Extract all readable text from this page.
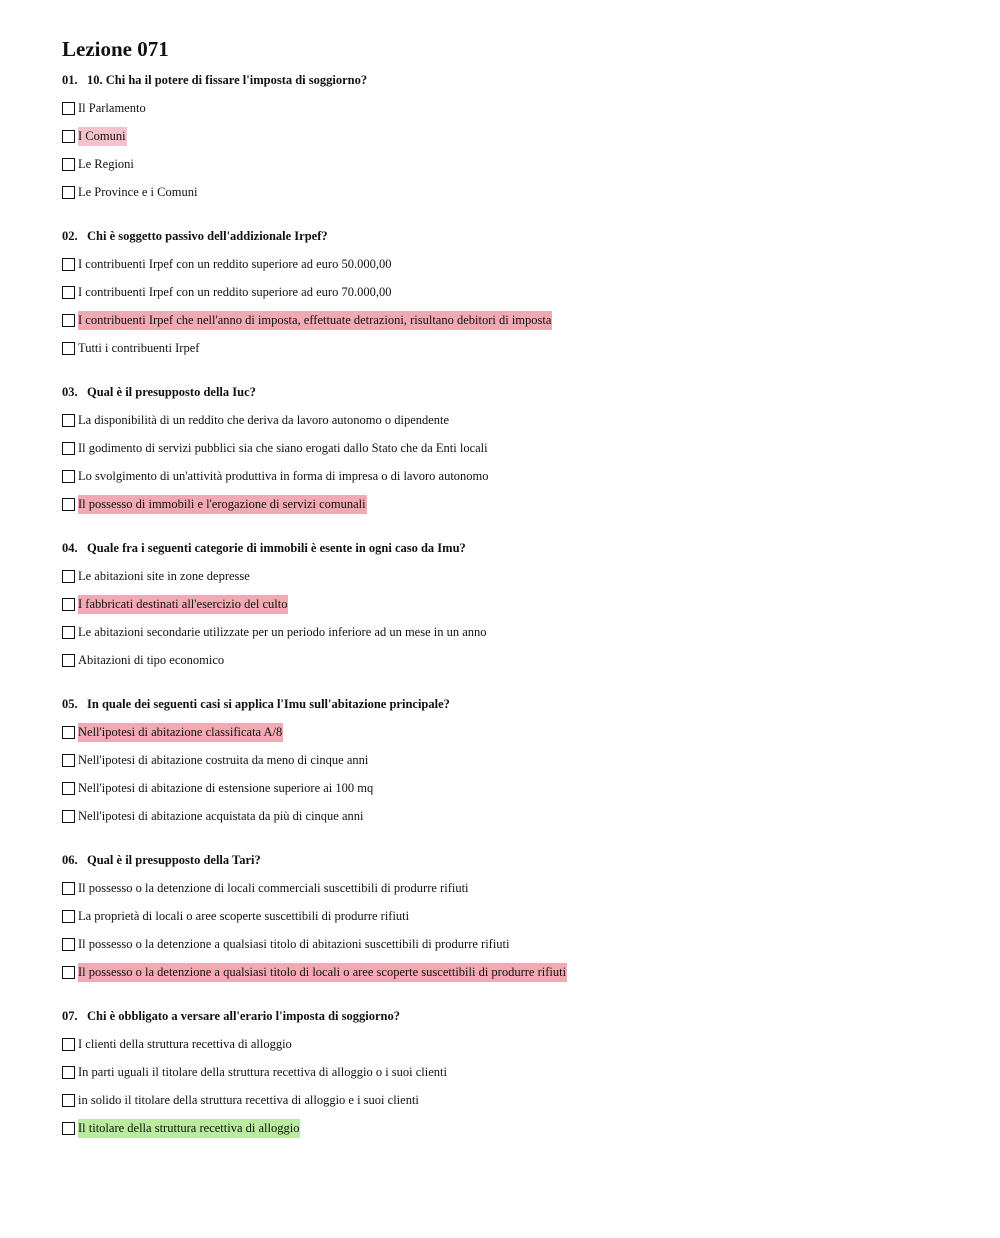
Lezione 071
01. 10. Chi ha il potere di fissare l'imposta di soggiorno?
Il Parlamento
I Comuni
Le Regioni
Le Province e i Comuni
02. Chi è soggetto passivo dell'addizionale Irpef?
I contribuenti Irpef con un reddito superiore ad euro 50.000,00
I contribuenti Irpef con un reddito superiore ad euro 70.000,00
I contribuenti Irpef che nell'anno di imposta, effettuate detrazioni, risultano debitori di imposta
Tutti i contribuenti Irpef
03. Qual è il presupposto della Iuc?
La disponibilità di un reddito che deriva da lavoro autonomo o dipendente
Il godimento di servizi pubblici sia che siano erogati dallo Stato che da Enti locali
Lo svolgimento di un'attività produttiva in forma di impresa o di lavoro autonomo
Il possesso di immobili e l'erogazione di servizi comunali
04. Quale fra i seguenti categorie di immobili è esente in ogni caso da Imu?
Le abitazioni site in zone depresse
I fabbricati destinati all'esercizio del culto
Le abitazioni secondarie utilizzate per un periodo inferiore ad un mese in un anno
Abitazioni di tipo economico
05. In quale dei seguenti casi si applica l'Imu sull'abitazione principale?
Nell'ipotesi di abitazione classificata A/8
Nell'ipotesi di abitazione costruita da meno di cinque anni
Nell'ipotesi di abitazione di estensione superiore ai 100 mq
Nell'ipotesi di abitazione acquistata da più di cinque anni
06. Qual è il presupposto della Tari?
Il possesso o la detenzione di locali commerciali suscettibili di produrre rifiuti
La proprietà di locali o aree scoperte suscettibili di produrre rifiuti
Il possesso o la detenzione a qualsiasi titolo di abitazioni suscettibili di produrre rifiuti
Il possesso o la detenzione a qualsiasi titolo di locali o aree scoperte suscettibili di produrre rifiuti
07. Chi è obbligato a versare all'erario l'imposta di soggiorno?
I clienti della struttura recettiva di alloggio
In parti uguali il titolare della struttura recettiva di alloggio o i suoi clienti
in solido il titolare della struttura recettiva di alloggio e i suoi clienti
Il titolare della struttura recettiva di alloggio
